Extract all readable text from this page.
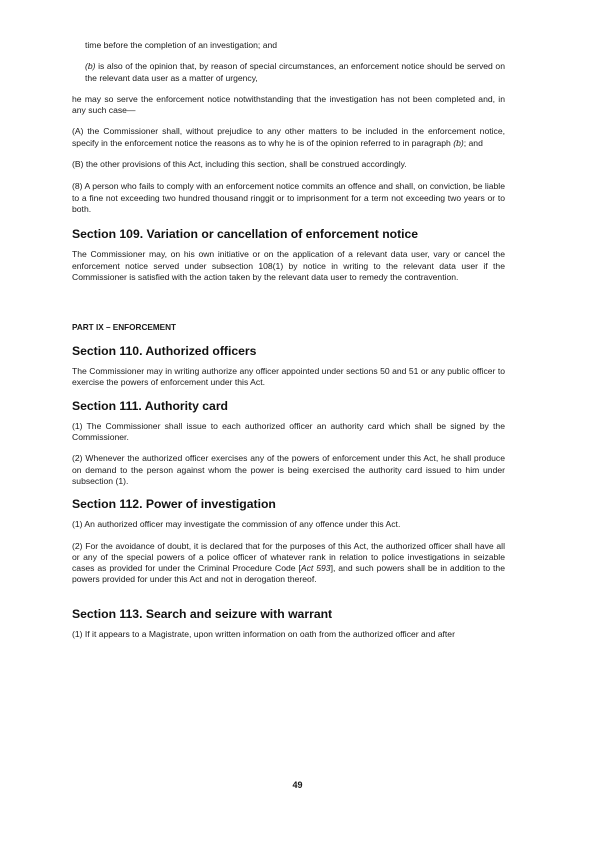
time before the completion of an investigation; and

(b) is also of the opinion that, by reason of special circumstances, an enforcement notice should be served on the relevant data user as a matter of urgency,

he may so serve the enforcement notice notwithstanding that the investigation has not been completed and, in any such case—

(A) the Commissioner shall, without prejudice to any other matters to be included in the enforcement notice, specify in the enforcement notice the reasons as to why he is of the opinion referred to in paragraph (b); and

(B) the other provisions of this Act, including this section, shall be construed accordingly.

(8) A person who fails to comply with an enforcement notice commits an offence and shall, on conviction, be liable to a fine not exceeding two hundred thousand ringgit or to imprisonment for a term not exceeding two years or to both.

Section 109. Variation or cancellation of enforcement notice

The Commissioner may, on his own initiative or on the application of a relevant data user, vary or cancel the enforcement notice served under subsection 108(1) by notice in writing to the relevant data user if the Commissioner is satisfied with the action taken by the relevant data user to remedy the contravention.

PART IX – ENFORCEMENT

Section 110. Authorized officers

The Commissioner may in writing authorize any officer appointed under sections 50 and 51 or any public officer to exercise the powers of enforcement under this Act.

Section 111. Authority card

(1) The Commissioner shall issue to each authorized officer an authority card which shall be signed by the Commissioner.

(2) Whenever the authorized officer exercises any of the powers of enforcement under this Act, he shall produce on demand to the person against whom the power is being exercised the authority card issued to him under subsection (1).

Section 112. Power of investigation

(1) An authorized officer may investigate the commission of any offence under this Act.

(2) For the avoidance of doubt, it is declared that for the purposes of this Act, the authorized officer shall have all or any of the special powers of a police officer of whatever rank in relation to police investigations in seizable cases as provided for under the Criminal Procedure Code [Act 593], and such powers shall be in addition to the powers provided for under this Act and not in derogation thereof.

Section 113. Search and seizure with warrant

(1) If it appears to a Magistrate, upon written information on oath from the authorized officer and after

49
